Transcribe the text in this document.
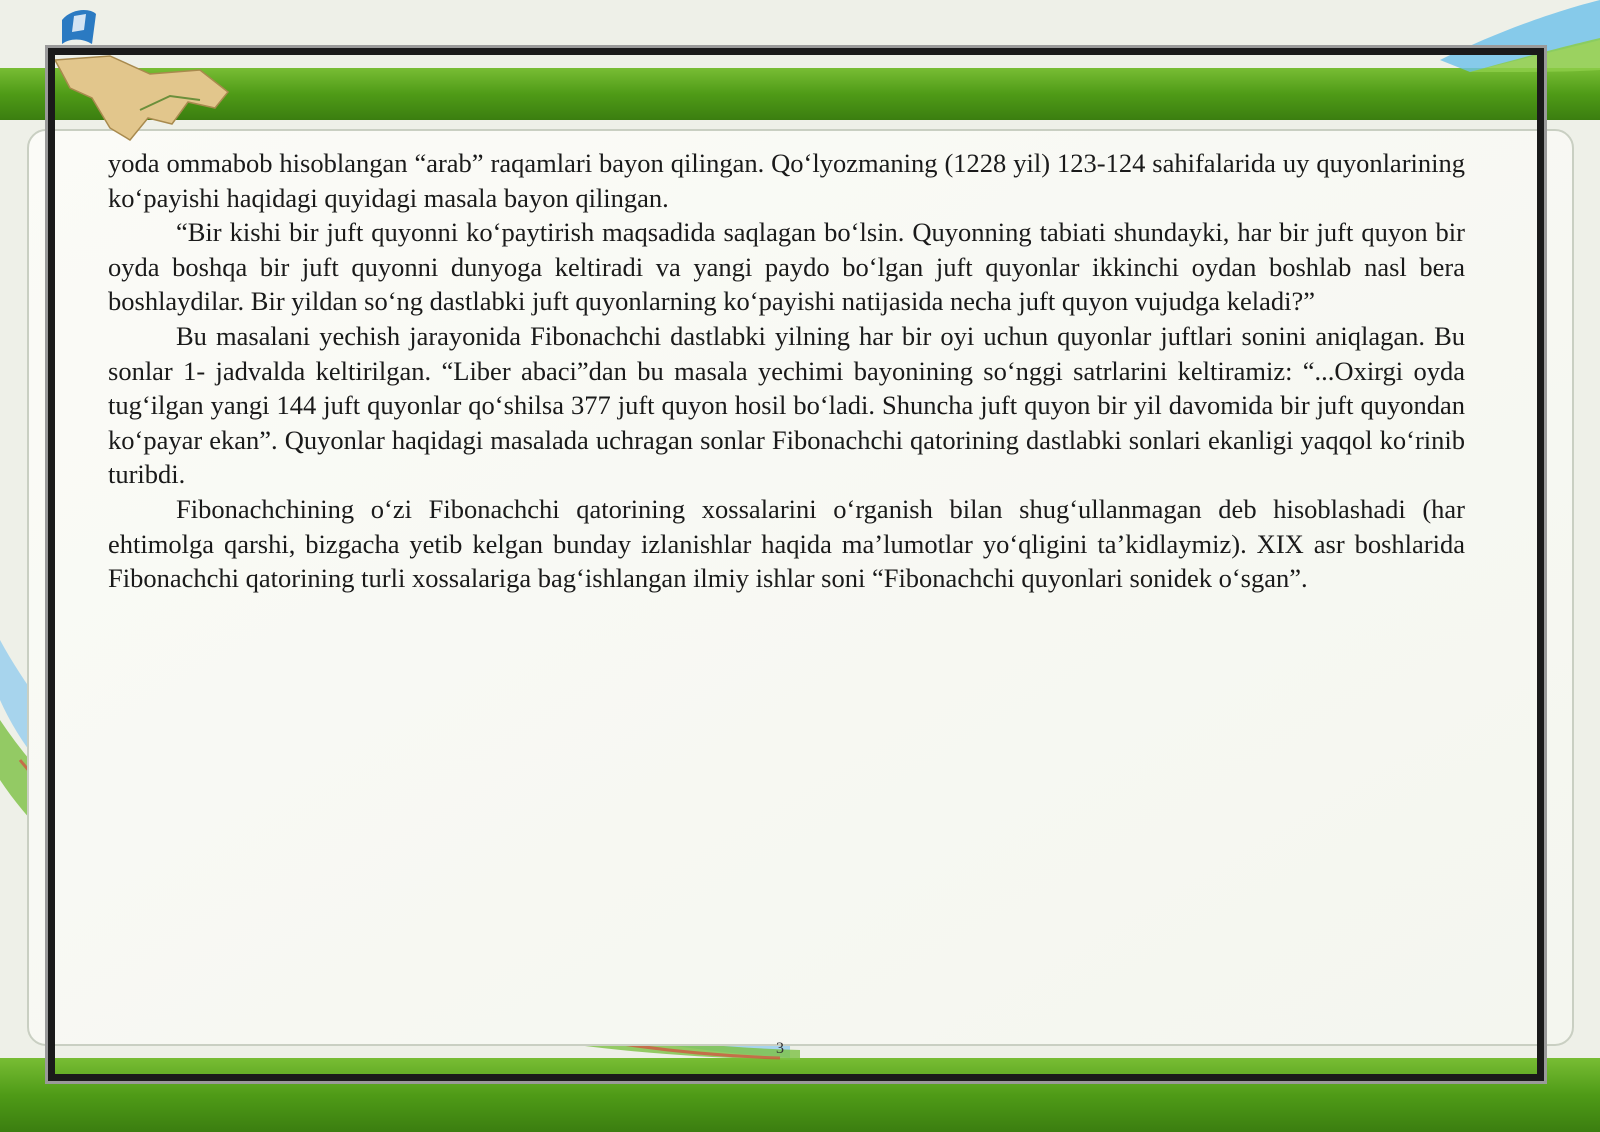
yoda ommabob hisoblangan “arab” raqamlari bayon qilingan. Qo‘lyozmaning (1228 yil) 123-124 sahifalarida uy quyonlarining ko‘payishi haqidagi quyidagi masala bayon qilingan.

“Bir kishi bir juft quyonni ko‘paytirish maqsadida saqlagan bo‘lsin. Quyonning tabiati shundayki, har bir juft quyon bir oyda boshqa bir juft quyonni dunyoga keltiradi va yangi paydo bo‘lgan juft quyonlar ikkinchi oydan boshlab nasl bera boshlaydilar. Bir yildan so‘ng dastlabki juft quyonlarning ko‘payishi natijasida necha juft quyon vujudga keladi?”

Bu masalani yechish jarayonida Fibonachchi dastlabki yilning har bir oyi uchun quyonlar juftlari sonini aniqlagan. Bu sonlar 1- jadvalda keltirilgan. “Liber abaci”dan bu masala yechimi bayonining so‘nggi satrlarini keltiramiz: “...Oxirgi oyda tug‘ilgan yangi 144 juft quyonlar qo‘shilsa 377 juft quyon hosil bo‘ladi. Shuncha juft quyon bir yil davomida bir juft quyondan ko‘payar ekan”. Quyonlar haqidagi masalada uchragan sonlar Fibonachchi qatorining dastlabki sonlari ekanligi yaqqol ko‘rinib turibdi.

Fibonachchining o‘zi Fibonachchi qatorining xossalarini o‘rganish bilan shug‘ullanmagan deb hisoblashadi (har ehtimolga qarshi, bizgacha yetib kelgan bunday izlanishlar haqida ma’lumotlar yo‘qligini ta’kidlaymiz). XIX asr boshlarida Fibonachchi qatorining turli xossalariga bag‘ishlangan ilmiy ishlar soni “Fibonachchi quyonlari sonidek o‘sgan”.

3
